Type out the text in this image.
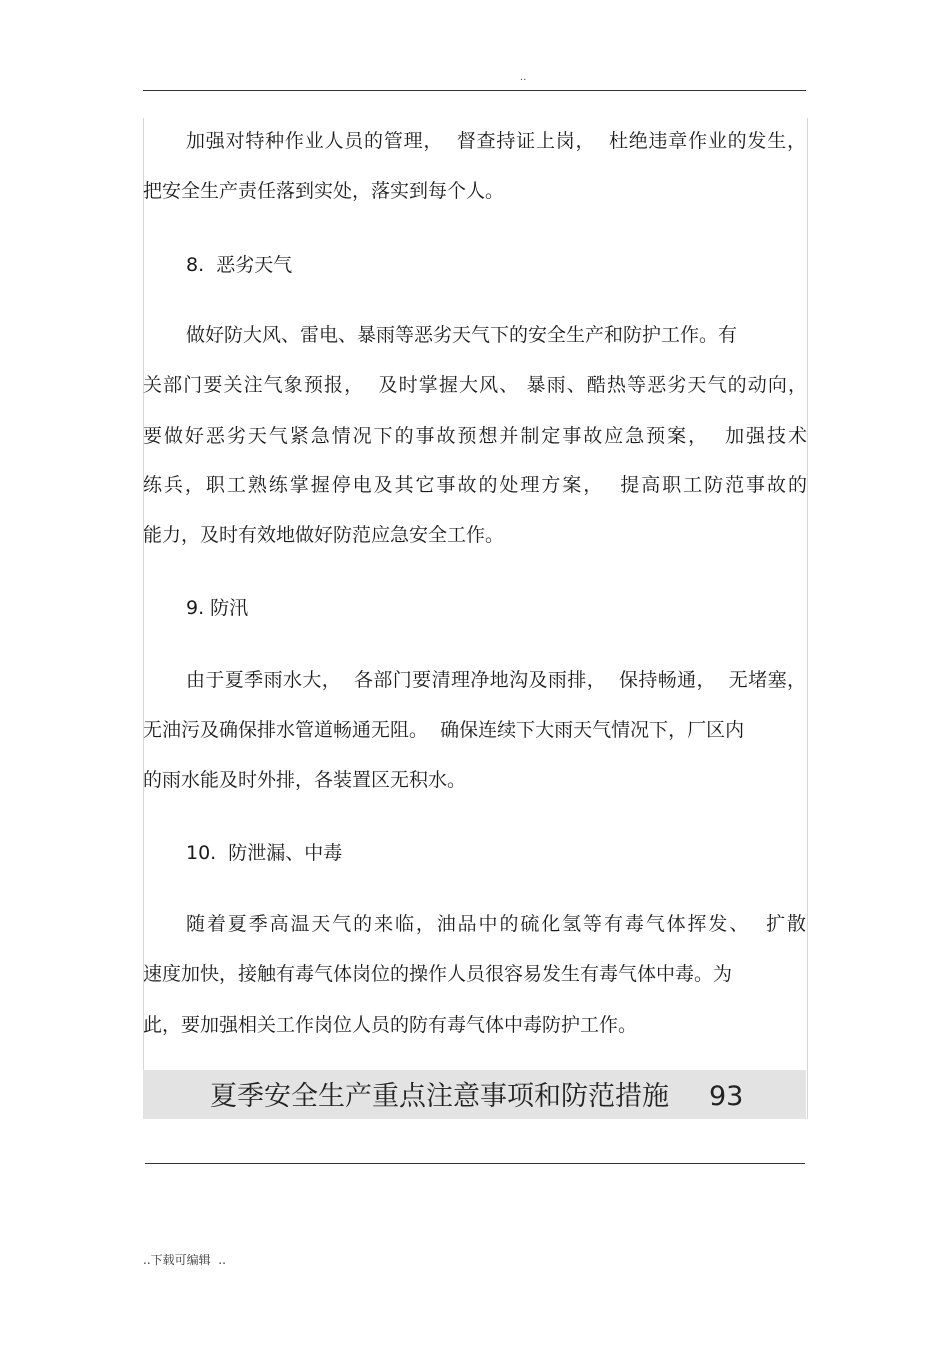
..
加强对特种作业人员的管理，  督查持证上岗，  杜绝违章作业的发生，
把安全生产责任落到实处，落实到每个人。
8.  恶劣天气
做好防大风、雷电、暴雨等恶劣天气下的安全生产和防护工作。有
关部门要关注气象预报，  及时掌握大风、 暴雨、酷热等恶劣天气的动向，
要做好恶劣天气紧急情况下的事故预想并制定事故应急预案，  加强技术
练兵，职工熟练掌握停电及其它事故的处理方案，  提高职工防范事故的
能力，及时有效地做好防范应急安全工作。
9. 防汛
由于夏季雨水大，  各部门要清理净地沟及雨排，  保持畅通，  无堵塞，
无油污及确保排水管道畅通无阻。  确保连续下大雨天气情况下，厂区内
的雨水能及时外排，各装置区无积水。
10.  防泄漏、中毒
随着夏季高温天气的来临，油品中的硫化氢等有毒气体挥发、  扩散
速度加快，接触有毒气体岗位的操作人员很容易发生有毒气体中毒。为
此，要加强相关工作岗位人员的防有毒气体中毒防护工作。
夏季安全生产重点注意事项和防范措施 93
..下载可编辑  ..
